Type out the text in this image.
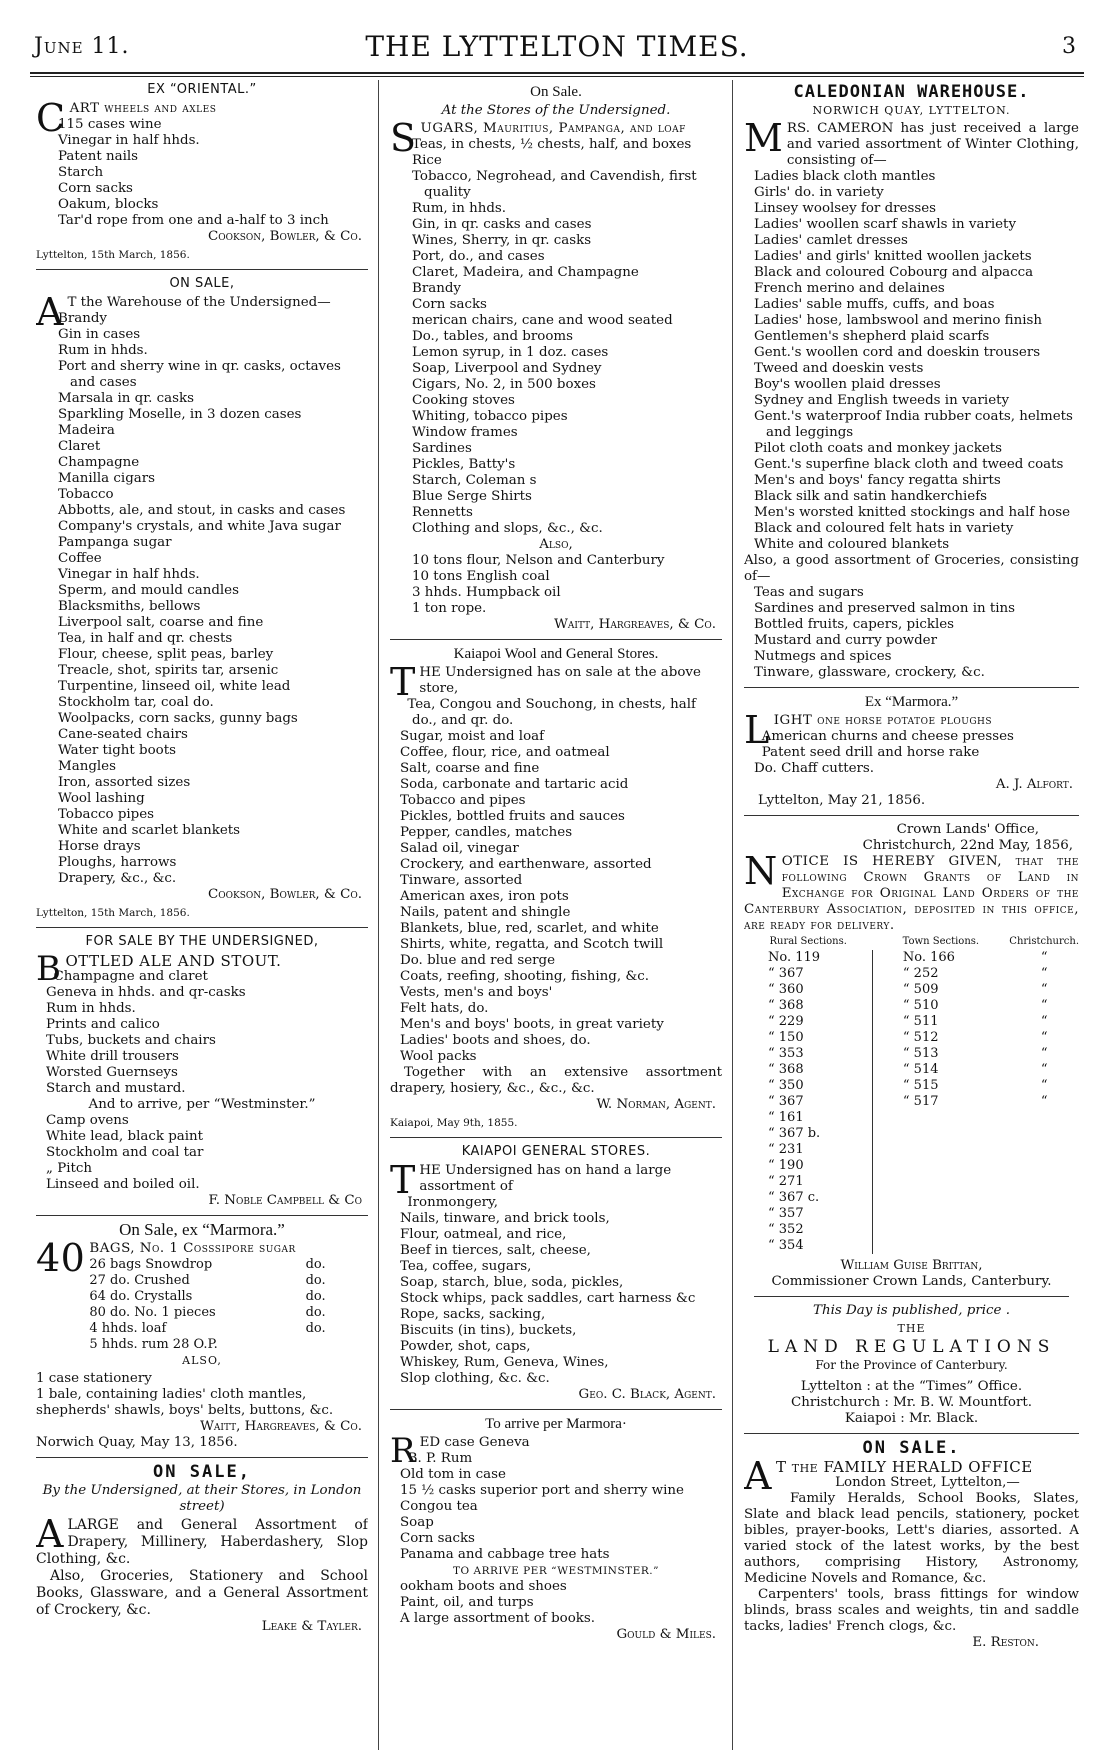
June 11.	THE LYTTELTON TIMES.	3
EX “ORIENTAL.”

CART wheels and axles

115 cases wine
Vinegar in half hhds.
Patent nails
Starch
Corn sacks
Oakum, blocks
Tar'd rope from one and a-half to 3 inch
Cookson, Bowler, & Co.
Lyttelton, 15th March, 1856.
ON SALE,

A T the Warehouse of the Undersigned—

Brandy
Gin in cases
Rum in hhds.
Port and sherry wine in qr. casks, octaves and cases
Marsala in qr. casks
Sparkling Moselle, in 3 dozen cases
Madeira
Claret
Champagne
Manilla cigars
Tobacco
Abbotts, ale, and stout, in casks and cases
Company's crystals, and white Java sugar
Pampanga sugar
Coffee
Vinegar in half hhds.
Sperm, and mould candles
Blacksmiths, bellows
Liverpool salt, coarse and fine
Tea, in half and qr. chests
Flour, cheese, split peas, barley
Treacle, shot, spirits tar, arsenic
Turpentine, linseed oil, white lead
Stockholm tar, coal do.
Woolpacks, corn sacks, gunny bags
Cane-seated chairs
Water tight boots
Mangles
Iron, assorted sizes
Wool lashing
Tobacco pipes
White and scarlet blankets
Horse drays
Ploughs, harrows
Drapery, &c., &c.
Cookson, Bowler, & Co.
Lyttelton, 15th March, 1856.
FOR SALE BY THE UNDERSIGNED,

BOTTLED ALE AND STOUT.

Champagne and claret
Geneva in hhds. and qr-casks
Rum in hhds.
Prints and calico
Tubs, buckets and chairs
White drill trousers
Worsted Guernseys
Starch and mustard.
And to arrive, per “Westminster.”
Camp ovens
White lead, black paint
Stockholm and coal tar
„ Pitch
Linseed and boiled oil.
F. Noble Campbell & Co
On Sale, ex “Marmora.”

40 BAGS, No. 1 Cosssipore sugar

26 bags Snowdrop	do.
27 do. Crushed	do.
64 do. Crystalls	do.
80 do. No. 1 pieces	do.
4 hhds. loaf	do.
5 hhds. rum 28 O.P.	
ALSO,
1 case stationery
1 bale, containing ladies' cloth mantles, shepherds' shawls, boys' belts, buttons, &c.
Waitt, Hargreaves, & Co.
Norwich Quay, May 13, 1856.
ON SALE,
By the Undersigned, at their Stores, in London street)

ALARGE and General Assortment of Drapery, Millinery, Haberdashery, Slop Clothing, &c.

Also, Groceries, Stationery and School Books, Glassware, and a General Assortment of Crockery, &c.

Leake & Tayler.
On Sale.
At the Stores of the Undersigned.

SUGARS, Mauritius, Pampanga, and loaf

Teas, in chests, ½ chests, half, and boxes
Rice
Tobacco, Negrohead, and Cavendish, first quality
Rum, in hhds.
Gin, in qr. casks and cases
Wines, Sherry, in qr. casks
Port, do., and cases
Claret, Madeira, and Champagne
Brandy
Corn sacks
merican chairs, cane and wood seated
Do., tables, and brooms
Lemon syrup, in 1 doz. cases
Soap, Liverpool and Sydney
Cigars, No. 2, in 500 boxes
Cooking stoves
Whiting, tobacco pipes
Window frames
Sardines
Pickles, Batty's
Starch, Coleman s
Blue Serge Shirts
Rennetts
Clothing and slops, &c., &c.
Also,
10 tons flour, Nelson and Canterbury
10 tons English coal
3 hhds. Humpback oil
1 ton rope.
Waitt, Hargreaves, & Co.
Kaiapoi Wool and General Stores.

THE Undersigned has on sale at the above store,

Tea, Congou and Souchong, in chests, half do., and qr. do.
Sugar, moist and loaf
Coffee, flour, rice, and oatmeal
Salt, coarse and fine
Soda, carbonate and tartaric acid
Tobacco and pipes
Pickles, bottled fruits and sauces
Pepper, candles, matches
Salad oil, vinegar
Crockery, and earthenware, assorted
Tinware, assorted
American axes, iron pots
Nails, patent and shingle
Blankets, blue, red, scarlet, and white
Shirts, white, regatta, and Scotch twill
Do. blue and red serge
Coats, reefing, shooting, fishing, &c.
Vests, men's and boys'
Felt hats, do.
Men's and boys' boots, in great variety
Ladies' boots and shoes, do.
Wool packs

Together with an extensive assortment drapery, hosiery, &c., &c., &c.

W. Norman, Agent.
Kaiapoi, May 9th, 1855.
KAIAPOI GENERAL STORES.

THE Undersigned has on hand a large assortment of

Ironmongery,
Nails, tinware, and brick tools,
Flour, oatmeal, and rice,
Beef in tierces, salt, cheese,
Tea, coffee, sugars,
Soap, starch, blue, soda, pickles,
Stock whips, pack saddles, cart harness &c
Rope, sacks, sacking,
Biscuits (in tins), buckets,
Powder, shot, caps,
Whiskey, Rum, Geneva, Wines,
Slop clothing, &c. &c.
Geo. C. Black, Agent.
To arrive per Marmora·

RED case Geneva

B. P. Rum
Old tom in case
15 ½ casks superior port and sherry wine
Congou tea
Soap
Corn sacks
Panama and cabbage tree hats
TO ARRIVE PER “WESTMINSTER.”
ookham boots and shoes
Paint, oil, and turps
A large assortment of books.
Gould & Miles.
CALEDONIAN WAREHOUSE.
NORWICH QUAY, LYTTELTON.

MRS. CAMERON has just received a large and varied assortment of Winter Clothing, consisting of—

Ladies black cloth mantles
Girls' do. in variety
Linsey woolsey for dresses
Ladies' woollen scarf shawls in variety
Ladies' camlet dresses
Ladies' and girls' knitted woollen jackets
Black and coloured Cobourg and alpacca
French merino and delaines
Ladies' sable muffs, cuffs, and boas
Ladies' hose, lambswool and merino finish
Gentlemen's shepherd plaid scarfs
Gent.'s woollen cord and doeskin trousers
Tweed and doeskin vests
Boy's woollen plaid dresses
Sydney and English tweeds in variety
Gent.'s waterproof India rubber coats, helmets and leggings
Pilot cloth coats and monkey jackets
Gent.'s superfine black cloth and tweed coats
Men's and boys' fancy regatta shirts
Black silk and satin handkerchiefs
Men's worsted knitted stockings and half hose
Black and coloured felt hats in variety
White and coloured blankets

Also, a good assortment of Groceries, consisting of—

Teas and sugars
Sardines and preserved salmon in tins
Bottled fruits, capers, pickles
Mustard and curry powder
Nutmegs and spices
Tinware, glassware, crockery, &c.
Ex “Marmora.”

LIGHT one horse potatoe ploughs

American churns and cheese presses
Patent seed drill and horse rake
Do. Chaff cutters.
A. J. Alfort.
Lyttelton, May 21, 1856.
Crown Lands' Office,
Christchurch, 22nd May, 1856,

NOTICE IS HEREBY GIVEN, that the following Crown Grants of Land in Exchange for Original Land Orders of the Canterbury Association, deposited in this office, are ready for delivery.

Rural Sections.	Town Sections.	Christchurch.
No. 119	No. 166	“
“ 367	“ 252	“
“ 360	“ 509	“
“ 368	“ 510	“
“ 229	“ 511	“
“ 150	“ 512	“
“ 353	“ 513	“
“ 368	“ 514	“
“ 350	“ 515	“
“ 367	“ 517	“
“ 161		
“ 367 b.		
“ 231		
“ 190		
“ 271		
“ 367 c.		
“ 357		
“ 352		
“ 354		
William Guise Brittan,
Commissioner Crown Lands, Canterbury.
This Day is published, price .
THE
LAND REGULATIONS
For the Province of Canterbury.
Lyttelton : at the “Times” Office.
Christchurch : Mr. B. W. Mountfort.
Kaiapoi : Mr. Black.
ON SALE.

A T the FAMILY HERALD OFFICE

London Street, Lyttelton,—

Family Heralds, School Books, Slates, Slate and black lead pencils, stationery, pocket bibles, prayer-books, Lett's diaries, assorted. A varied stock of the latest works, by the best authors, comprising History, Astronomy, Medicine Novels and Romance, &c.

Carpenters' tools, brass fittings for window blinds, brass scales and weights, tin and saddle tacks, ladies' French clogs, &c.

E. Reston.
